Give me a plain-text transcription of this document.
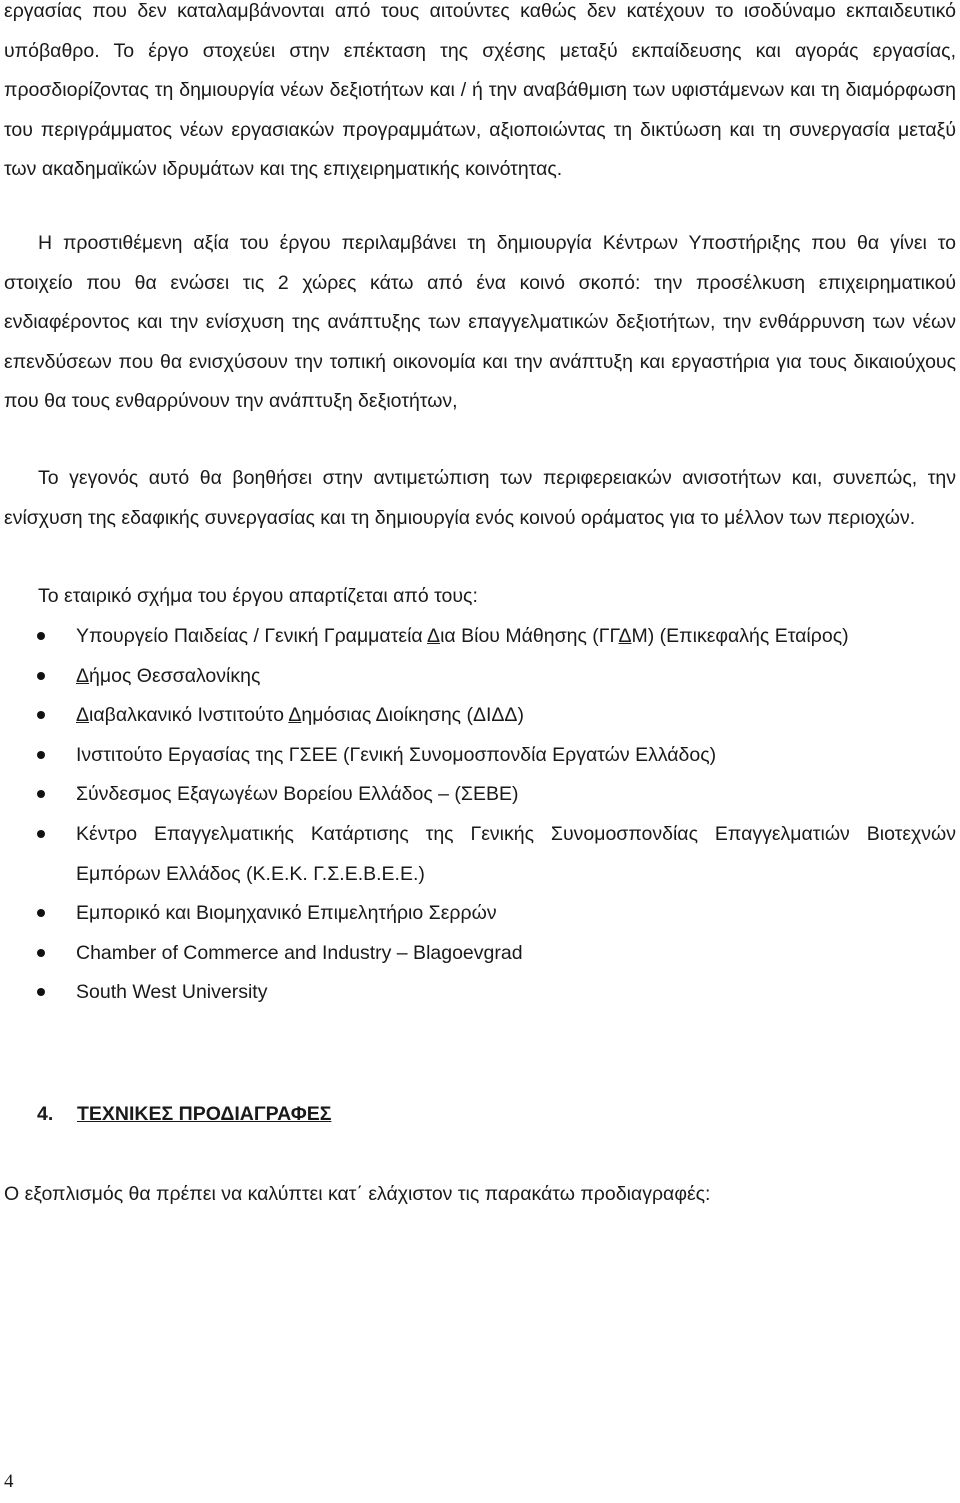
εργασίας που δεν καταλαμβάνονται από τους αιτούντες καθώς δεν κατέχουν το ισοδύναμο εκπαιδευτικό υπόβαθρο. Το έργο στοχεύει στην επέκταση της σχέσης μεταξύ εκπαίδευσης και αγοράς εργασίας, προσδιορίζοντας τη δημιουργία νέων δεξιοτήτων και / ή την αναβάθμιση των υφιστάμενων και τη διαμόρφωση του περιγράμματος νέων εργασιακών προγραμμάτων, αξιοποιώντας τη δικτύωση και τη συνεργασία μεταξύ των ακαδημαϊκών ιδρυμάτων και της επιχειρηματικής κοινότητας.

Η προστιθέμενη αξία του έργου περιλαμβάνει τη δημιουργία Κέντρων Υποστήριξης που θα γίνει το στοιχείο που θα ενώσει τις 2 χώρες κάτω από ένα κοινό σκοπό: την προσέλκυση επιχειρηματικού ενδιαφέροντος και την ενίσχυση της ανάπτυξης των επαγγελματικών δεξιοτήτων, την ενθάρρυνση των νέων επενδύσεων που θα ενισχύσουν την τοπική οικονομία και την ανάπτυξη και εργαστήρια για τους δικαιούχους που θα τους ενθαρρύνουν την ανάπτυξη δεξιοτήτων,

Το γεγονός αυτό θα βοηθήσει στην αντιμετώπιση των περιφερειακών ανισοτήτων και, συνεπώς, την ενίσχυση της εδαφικής συνεργασίας και τη δημιουργία ενός κοινού οράματος για το μέλλον των περιοχών.

Το εταιρικό σχήμα του έργου απαρτίζεται από τους:

Υπουργείο Παιδείας / Γενική Γραμματεία Δια Βίου Μάθησης (ΓΓΔΜ) (Επικεφαλής Εταίρος)
Δήμος Θεσσαλονίκης
Διαβαλκανικό Ινστιτούτο Δημόσιας Διοίκησης (ΔΙΔΔ)
Ινστιτούτο Εργασίας της ΓΣΕΕ (Γενική Συνομοσπονδία Εργατών Ελλάδος)
Σύνδεσμος Εξαγωγέων Βορείου Ελλάδος – (ΣΕΒΕ)
Κέντρο Επαγγελματικής Κατάρτισης της Γενικής Συνομοσπονδίας Επαγγελματιών Βιοτεχνών Εμπόρων Ελλάδος (Κ.Ε.Κ. Γ.Σ.Ε.Β.Ε.Ε.)
Εμπορικό και Βιομηχανικό Επιμελητήριο Σερρών
Chamber of Commerce and Industry – Blagoevgrad
South West University

4. ΤΕΧΝΙΚΕΣ ΠΡΟΔΙΑΓΡΑΦΕΣ

Ο εξοπλισμός θα πρέπει να καλύπτει κατ΄ ελάχιστον τις παρακάτω προδιαγραφές:

4
